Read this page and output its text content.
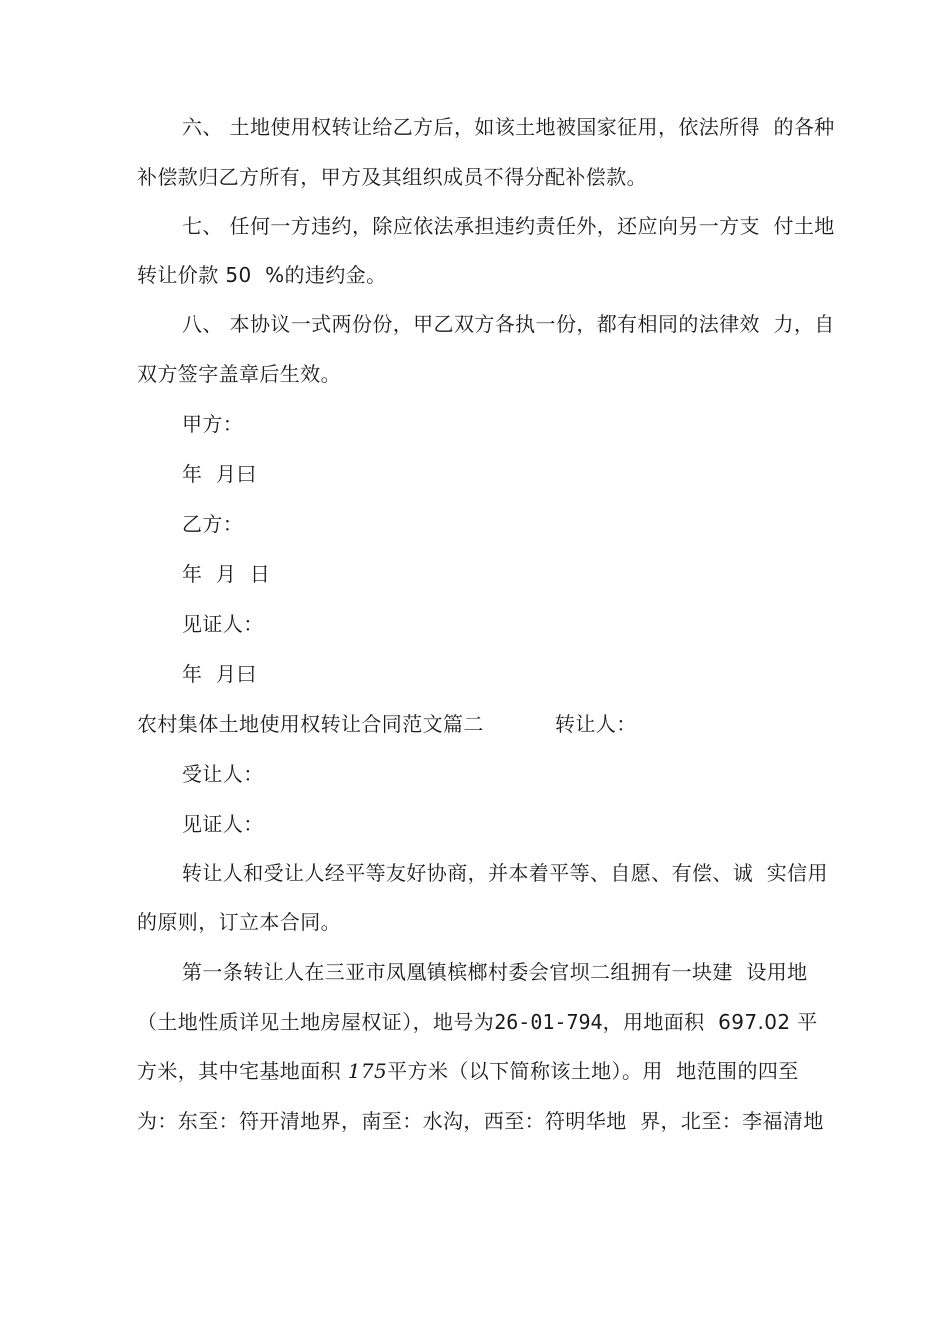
六、 土地使用权转让给乙方后，如该土地被国家征用，依法所得  的各种
补偿款归乙方所有，甲方及其组织成员不得分配补偿款。
七、 任何一方违约，除应依法承担违约责任外，还应向另一方支  付土地
转让价款 50  %的违约金。
八、 本协议一式两份份，甲乙双方各执一份，都有相同的法律效  力，自
双方签字盖章后生效。
甲方：
年  月曰
乙方：
年  月  日
见证人：
年  月曰
农村集体土地使用权转让合同范文篇二	转让人：
受让人：
见证人：
转让人和受让人经平等友好协商，并本着平等、自愿、有偿、诚  实信用
的原则，订立本合同。
第一条转让人在三亚市凤凰镇槟榔村委会官坝二组拥有一块建  设用地
（土地性质详见土地房屋权证），地号为26-01-794，用地面积  697.02 平
方米，其中宅基地面积 175平方米（以下简称该土地）。用  地范围的四至
为：东至：符开清地界，南至：水沟，西至：符明华地  界，北至：李福清地
